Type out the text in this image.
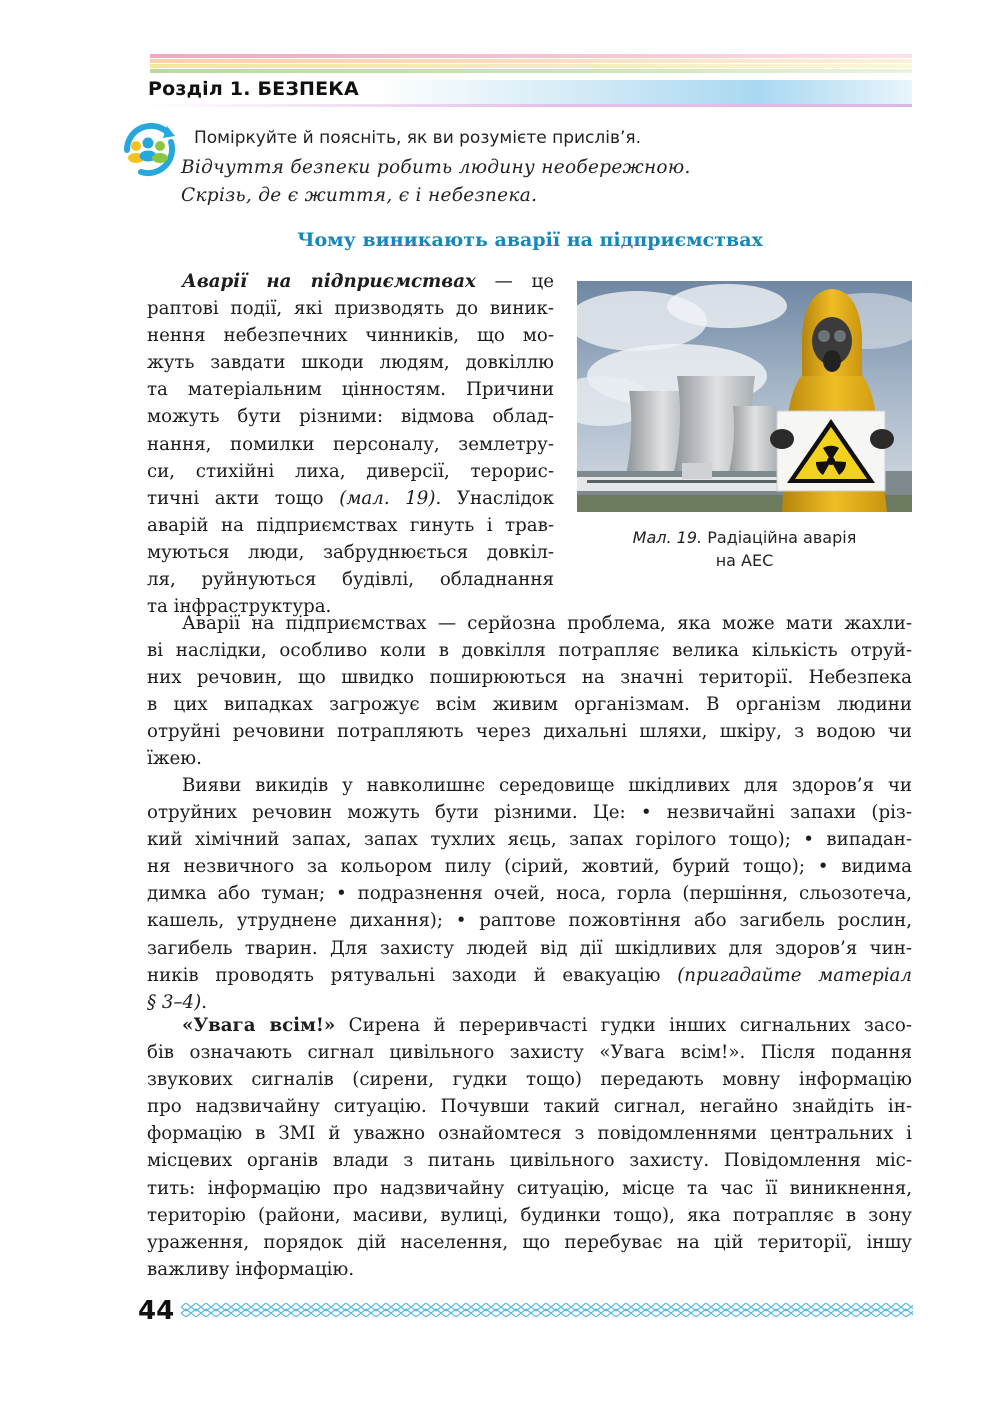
Розділ 1. БЕЗПЕКА
Поміркуйте й поясніть, як ви розумієте прислів’я.
Відчуття безпеки робить людину необережною.
Скрізь, де є життя, є і небезпека.
Чому виникають аварії на підприємствах
Аварії на підприємствах — це
раптові події, які призводять до виник-
нення небезпечних чинників, що мо-
жуть завдати шкоди людям, довкіллю
та матеріальним цінностям. Причини
можуть бути різними: відмова облад-
нання, помилки персоналу, землетру-
си, стихійні лиха, диверсії, терорис-
тичні акти тощо (мал. 19). Унаслідок
аварій на підприємствах гинуть і трав-
муються люди, забруднюється довкіл-
ля, руйнуються будівлі, обладнання
та інфраструктура.
Мал. 19. Радіаційна аварія
на АЕС
Аварії на підприємствах — серйозна проблема, яка може мати жахли-
ві наслідки, особливо коли в довкілля потрапляє велика кількість отруй-
них речовин, що швидко поширюються на значні території. Небезпека
в цих випадках загрожує всім живим організмам. В організм людини
отруйні речовини потрапляють через дихальні шляхи, шкіру, з водою чи
їжею.
Вияви викидів у навколишнє середовище шкідливих для здоров’я чи
отруйних речовин можуть бути різними. Це: • незвичайні запахи (різ-
кий хімічний запах, запах тухлих яєць, запах горілого тощо); • випадан-
ня незвичного за кольором пилу (сірий, жовтий, бурий тощо); • видима
димка або туман; • подразнення очей, носа, горла (першіння, сльозотеча,
кашель, утруднене дихання); • раптове пожовтіння або загибель рослин,
загибель тварин. Для захисту людей від дії шкідливих для здоров’я чин-
ників проводять рятувальні заходи й евакуацію (пригадайте матеріал
§ 3–4).
«Увага всім!» Сирена й переривчасті гудки інших сигнальних засо-
бів означають сигнал цивільного захисту «Увага всім!». Після подання
звукових сигналів (сирени, гудки тощо) передають мовну інформацію
про надзвичайну ситуацію. Почувши такий сигнал, негайно знайдіть ін-
формацію в ЗМІ й уважно ознайомтеся з повідомленнями центральних і
місцевих органів влади з питань цивільного захисту. Повідомлення міс-
тить: інформацію про надзвичайну ситуацію, місце та час її виникнення,
територію (райони, масиви, вулиці, будинки тощо), яка потрапляє в зону
ураження, порядок дій населення, що перебуває на цій території, іншу
важливу інформацію.
44
